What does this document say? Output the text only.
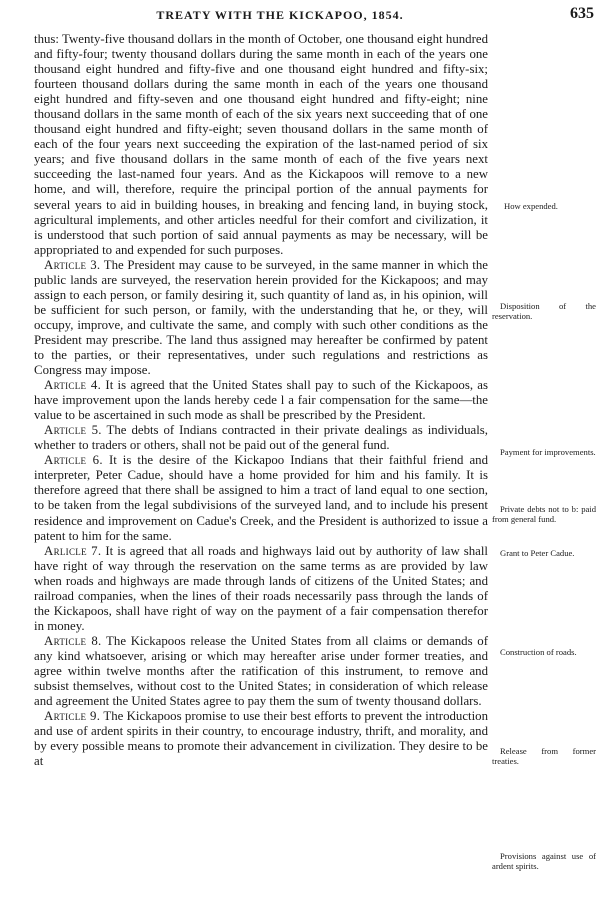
TREATY WITH THE KICKAPOO, 1854.	635

thus: Twenty-five thousand dollars in the month of October, one thousand eight hundred and fifty-four; twenty thousand dollars during the same month in each of the years one thousand eight hundred and fifty-five and one thousand eight hundred and fifty-six; fourteen thousand dollars during the same month in each of the years one thousand eight hundred and fifty-seven and one thousand eight hundred and fifty-eight; nine thousand dollars in the same month of each of the six years next succeeding that of one thousand eight hundred and fifty-eight; seven thousand dollars in the same month of each of the four years next succeeding the expiration of the last-named period of six years; and five thousand dollars in the same month of each of the five years next succeeding the last-named four years. And as the Kickapoos will remove to a new home, and will, therefore, require the principal portion of the annual payments for several years to aid in building houses, in breaking and fencing land, in buying stock, agricultural implements, and other articles needful for their comfort and civilization, it is understood that such portion of said annual payments as may be necessary, will be appropriated to and expended for such purposes.

Article 3. The President may cause to be surveyed, in the same manner in which the public lands are surveyed, the reservation herein provided for the Kickapoos; and may assign to each person, or family desiring it, such quantity of land as, in his opinion, will be sufficient for such person, or family, with the understanding that he, or they, will occupy, improve, and cultivate the same, and comply with such other conditions as the President may prescribe. The land thus assigned may hereafter be confirmed by patent to the parties, or their representatives, under such regulations and restrictions as Congress may impose.

Article 4. It is agreed that the United States shall pay to such of the Kickapoos, as have improvement upon the lands hereby cede l a fair compensation for the same—the value to be ascertained in such mode as shall be prescribed by the President.

Article 5. The debts of Indians contracted in their private dealings as individuals, whether to traders or others, shall not be paid out of the general fund.

Article 6. It is the desire of the Kickapoo Indians that their faithful friend and interpreter, Peter Cadue, should have a home provided for him and his family. It is therefore agreed that there shall be assigned to him a tract of land equal to one section, to be taken from the legal subdivisions of the surveyed land, and to include his present residence and improvement on Cadue's Creek, and the President is authorized to issue a patent to him for the same.

Arlicle 7. It is agreed that all roads and highways laid out by authority of law shall have right of way through the reservation on the same terms as are provided by law when roads and highways are made through lands of citizens of the United States; and railroad companies, when the lines of their roads necessarily pass through the lands of the Kickapoos, shall have right of way on the payment of a fair compensation therefor in money.

Article 8. The Kickapoos release the United States from all claims or demands of any kind whatsoever, arising or which may hereafter arise under former treaties, and agree within twelve months after the ratification of this instrument, to remove and subsist themselves, without cost to the United States; in consideration of which release and agreement the United States agree to pay them the sum of twenty thousand dollars.

Article 9. The Kickapoos promise to use their best efforts to prevent the introduction and use of ardent spirits in their country, to encourage industry, thrift, and morality, and by every possible means to promote their advancement in civilization. They desire to be at

How expended.
Disposition of the reservation.
Payment for improvements.
Private debts not to b: paid from general fund.
Grant to Peter Cadue.
Construction of roads.
Release from former treaties.
Provisions against use of ardent spirits.
